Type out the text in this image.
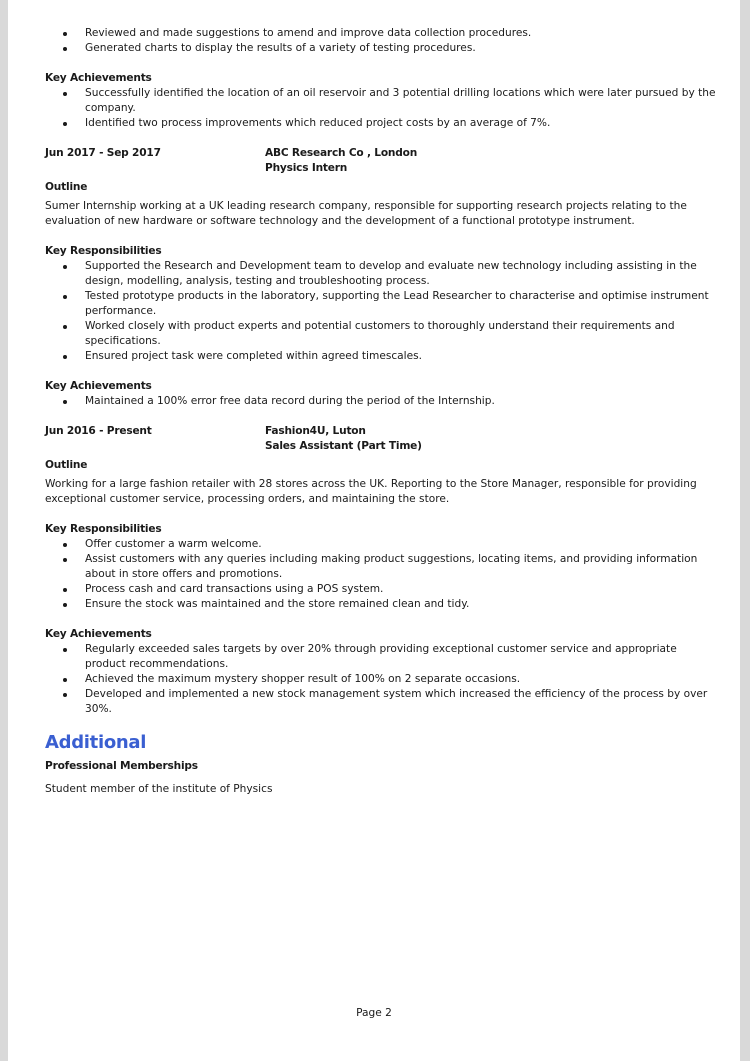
Reviewed and made suggestions to amend and improve data collection procedures.
Generated charts to display the results of a variety of testing procedures.
Key Achievements
Successfully identified the location of an oil reservoir and 3 potential drilling locations which were later pursued by the company.
Identified two process improvements which reduced project costs by an average of 7%.
Jun 2017 - Sep 2017	ABC Research Co , London
Physics Intern
Outline

Sumer Internship working at a UK leading research company, responsible for supporting research projects relating to the evaluation of new hardware or software technology and the development of a functional prototype instrument.

Key Responsibilities
Supported the Research and Development team to develop and evaluate new technology including assisting in the design, modelling, analysis, testing and troubleshooting process.
Tested prototype products in the laboratory, supporting the Lead Researcher to characterise and optimise instrument performance.
Worked closely with product experts and potential customers to thoroughly understand their requirements and specifications.
Ensured project task were completed within agreed timescales.
Key Achievements
Maintained a 100% error free data record during the period of the Internship.
Jun 2016 - Present	Fashion4U, Luton
Sales Assistant (Part Time)
Outline

Working for a large fashion retailer with 28 stores across the UK. Reporting to the Store Manager, responsible for providing exceptional customer service, processing orders, and maintaining the store.

Key Responsibilities
Offer customer a warm welcome.
Assist customers with any queries including making product suggestions, locating items, and providing information about in store offers and promotions.
Process cash and card transactions using a POS system.
Ensure the stock was maintained and the store remained clean and tidy.
Key Achievements
Regularly exceeded sales targets by over 20% through providing exceptional customer service and appropriate product recommendations.
Achieved the maximum mystery shopper result of 100% on 2 separate occasions.
Developed and implemented a new stock management system which increased the efficiency of the process by over 30%.
Additional
Professional Memberships

Student member of the institute of Physics

Page 2
